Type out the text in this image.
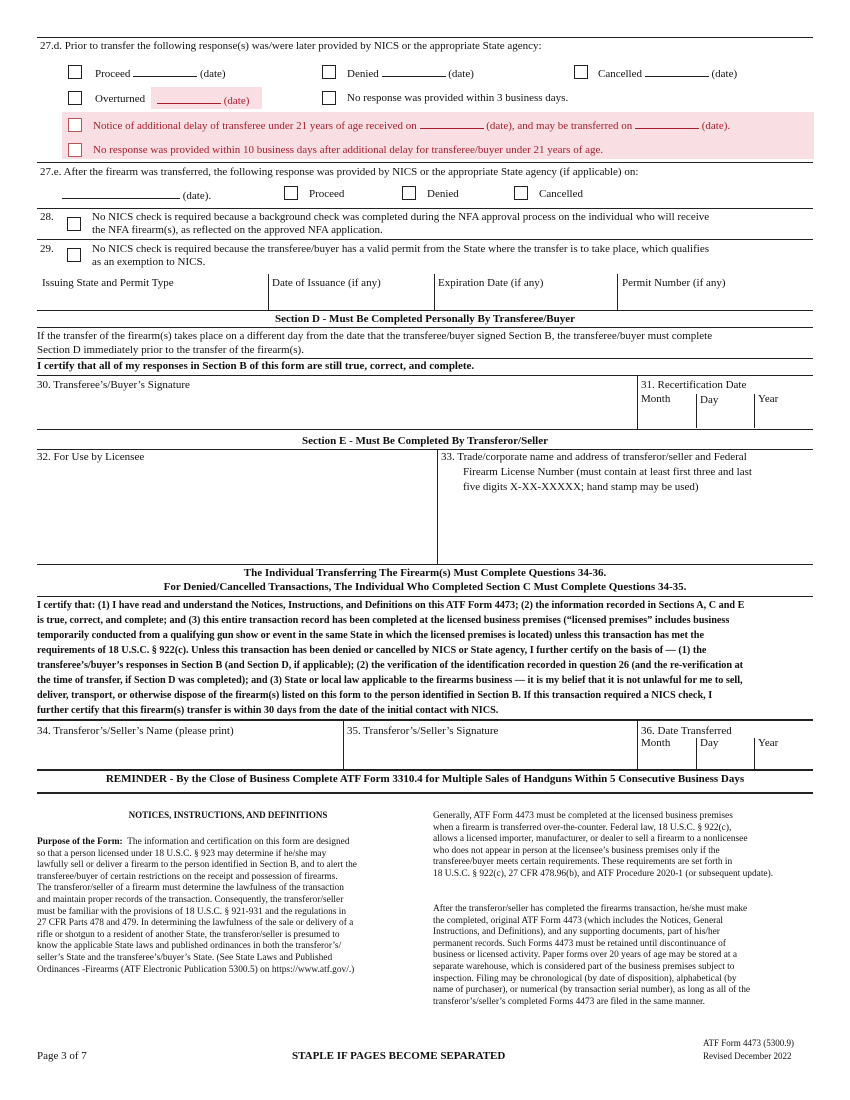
27.d. Prior to transfer the following response(s) was/were later provided by NICS or the appropriate State agency:
Proceed	(date)	Denied	(date)	Cancelled	(date)
Overturned	(date)	No response was provided within 3 business days.
Notice of additional delay of transferee under 21 years of age received on	(date), and may be transferred on	(date).
No response was provided within 10 business days after additional delay for transferee/buyer under 21 years of age.
27.e. After the firearm was transferred, the following response was provided by NICS or the appropriate State agency (if applicable) on:
(date).	Proceed	Denied	Cancelled
28.	No NICS check is required because a background check was completed during the NFA approval process on the individual who will receive
the NFA firearm(s), as reflected on the approved NFA application.
29.	No NICS check is required because the transferee/buyer has a valid permit from the State where the transfer is to take place, which qualifies
as an exemption to NICS.
Issuing State and Permit Type	Date of Issuance (if any)	Expiration Date (if any)	Permit Number (if any)
Section D - Must Be Completed Personally By Transferee/Buyer
If the transfer of the firearm(s) takes place on a different day from the date that the transferee/buyer signed Section B, the transferee/buyer must complete
Section D immediately prior to the transfer of the firearm(s).
I certify that all of my responses in Section B of this form are still true, correct, and complete.
30. Transferee’s/Buyer’s Signature	31. Recertification Date
Month	Day	Year
Section E - Must Be Completed By Transferor/Seller
32. For Use by Licensee	33. Trade/corporate name and address of transferor/seller and Federal
Firearm License Number (must contain at least first three and last
five digits X-XX-XXXXX; hand stamp may be used)
The Individual Transferring The Firearm(s) Must Complete Questions 34-36.
For Denied/Cancelled Transactions, The Individual Who Completed Section C Must Complete Questions 34-35.
I certify that: (1) I have read and understand the Notices, Instructions, and Definitions on this ATF Form 4473; (2) the information recorded in Sections A, C and E
is true, correct, and complete; and (3) this entire transaction record has been completed at the licensed business premises (“licensed premises” includes business
temporarily conducted from a qualifying gun show or event in the same State in which the licensed premises is located) unless this transaction has met the
requirements of 18 U.S.C. § 922(c). Unless this transaction has been denied or cancelled by NICS or State agency, I further certify on the basis of — (1) the
transferee’s/buyer’s responses in Section B (and Section D, if applicable); (2) the verification of the identification recorded in question 26 (and the re-verification at
the time of transfer, if Section D was completed); and (3) State or local law applicable to the firearms business — it is my belief that it is not unlawful for me to sell,
deliver, transport, or otherwise dispose of the firearm(s) listed on this form to the person identified in Section B. If this transaction required a NICS check, I
further certify that this firearm(s) transfer is within 30 days from the date of the initial contact with NICS.
34. Transferor’s/Seller’s Name (please print)	35. Transferor’s/Seller’s Signature	36. Date Transferred
Month	Day	Year
REMINDER - By the Close of Business Complete ATF Form 3310.4 for Multiple Sales of Handguns Within 5 Consecutive Business Days
NOTICES, INSTRUCTIONS, AND DEFINITIONS
Purpose of the Form: The information and certification on this form are designed
so that a person licensed under 18 U.S.C. § 923 may determine if he/she may
lawfully sell or deliver a firearm to the person identified in Section B, and to alert the
transferee/buyer of certain restrictions on the receipt and possession of firearms.
The transferor/seller of a firearm must determine the lawfulness of the transaction
and maintain proper records of the transaction. Consequently, the transferor/seller
must be familiar with the provisions of 18 U.S.C. § 921-931 and the regulations in
27 CFR Parts 478 and 479. In determining the lawfulness of the sale or delivery of a
rifle or shotgun to a resident of another State, the transferor/seller is presumed to
know the applicable State laws and published ordinances in both the transferor’s/
seller’s State and the transferee’s/buyer’s State. (See State Laws and Published
Ordinances -Firearms (ATF Electronic Publication 5300.5) on https://www.atf.gov/.)
Generally, ATF Form 4473 must be completed at the licensed business premises
when a firearm is transferred over-the-counter. Federal law, 18 U.S.C. § 922(c),
allows a licensed importer, manufacturer, or dealer to sell a firearm to a nonlicensee
who does not appear in person at the licensee’s business premises only if the
transferee/buyer meets certain requirements. These requirements are set forth in
18 U.S.C. § 922(c), 27 CFR 478.96(b), and ATF Procedure 2020-1 (or subsequent update).
After the transferor/seller has completed the firearms transaction, he/she must make
the completed, original ATF Form 4473 (which includes the Notices, General
Instructions, and Definitions), and any supporting documents, part of his/her
permanent records. Such Forms 4473 must be retained until discontinuance of
business or licensed activity. Paper forms over 20 years of age may be stored at a
separate warehouse, which is considered part of the business premises subject to
inspection. Filing may be chronological (by date of disposition), alphabetical (by
name of purchaser), or numerical (by transaction serial number), as long as all of the
transferor’s/seller’s completed Forms 4473 are filed in the same manner.
Page 3 of 7	STAPLE IF PAGES BECOME SEPARATED
ATF Form 4473 (5300.9)
Revised December 2022
